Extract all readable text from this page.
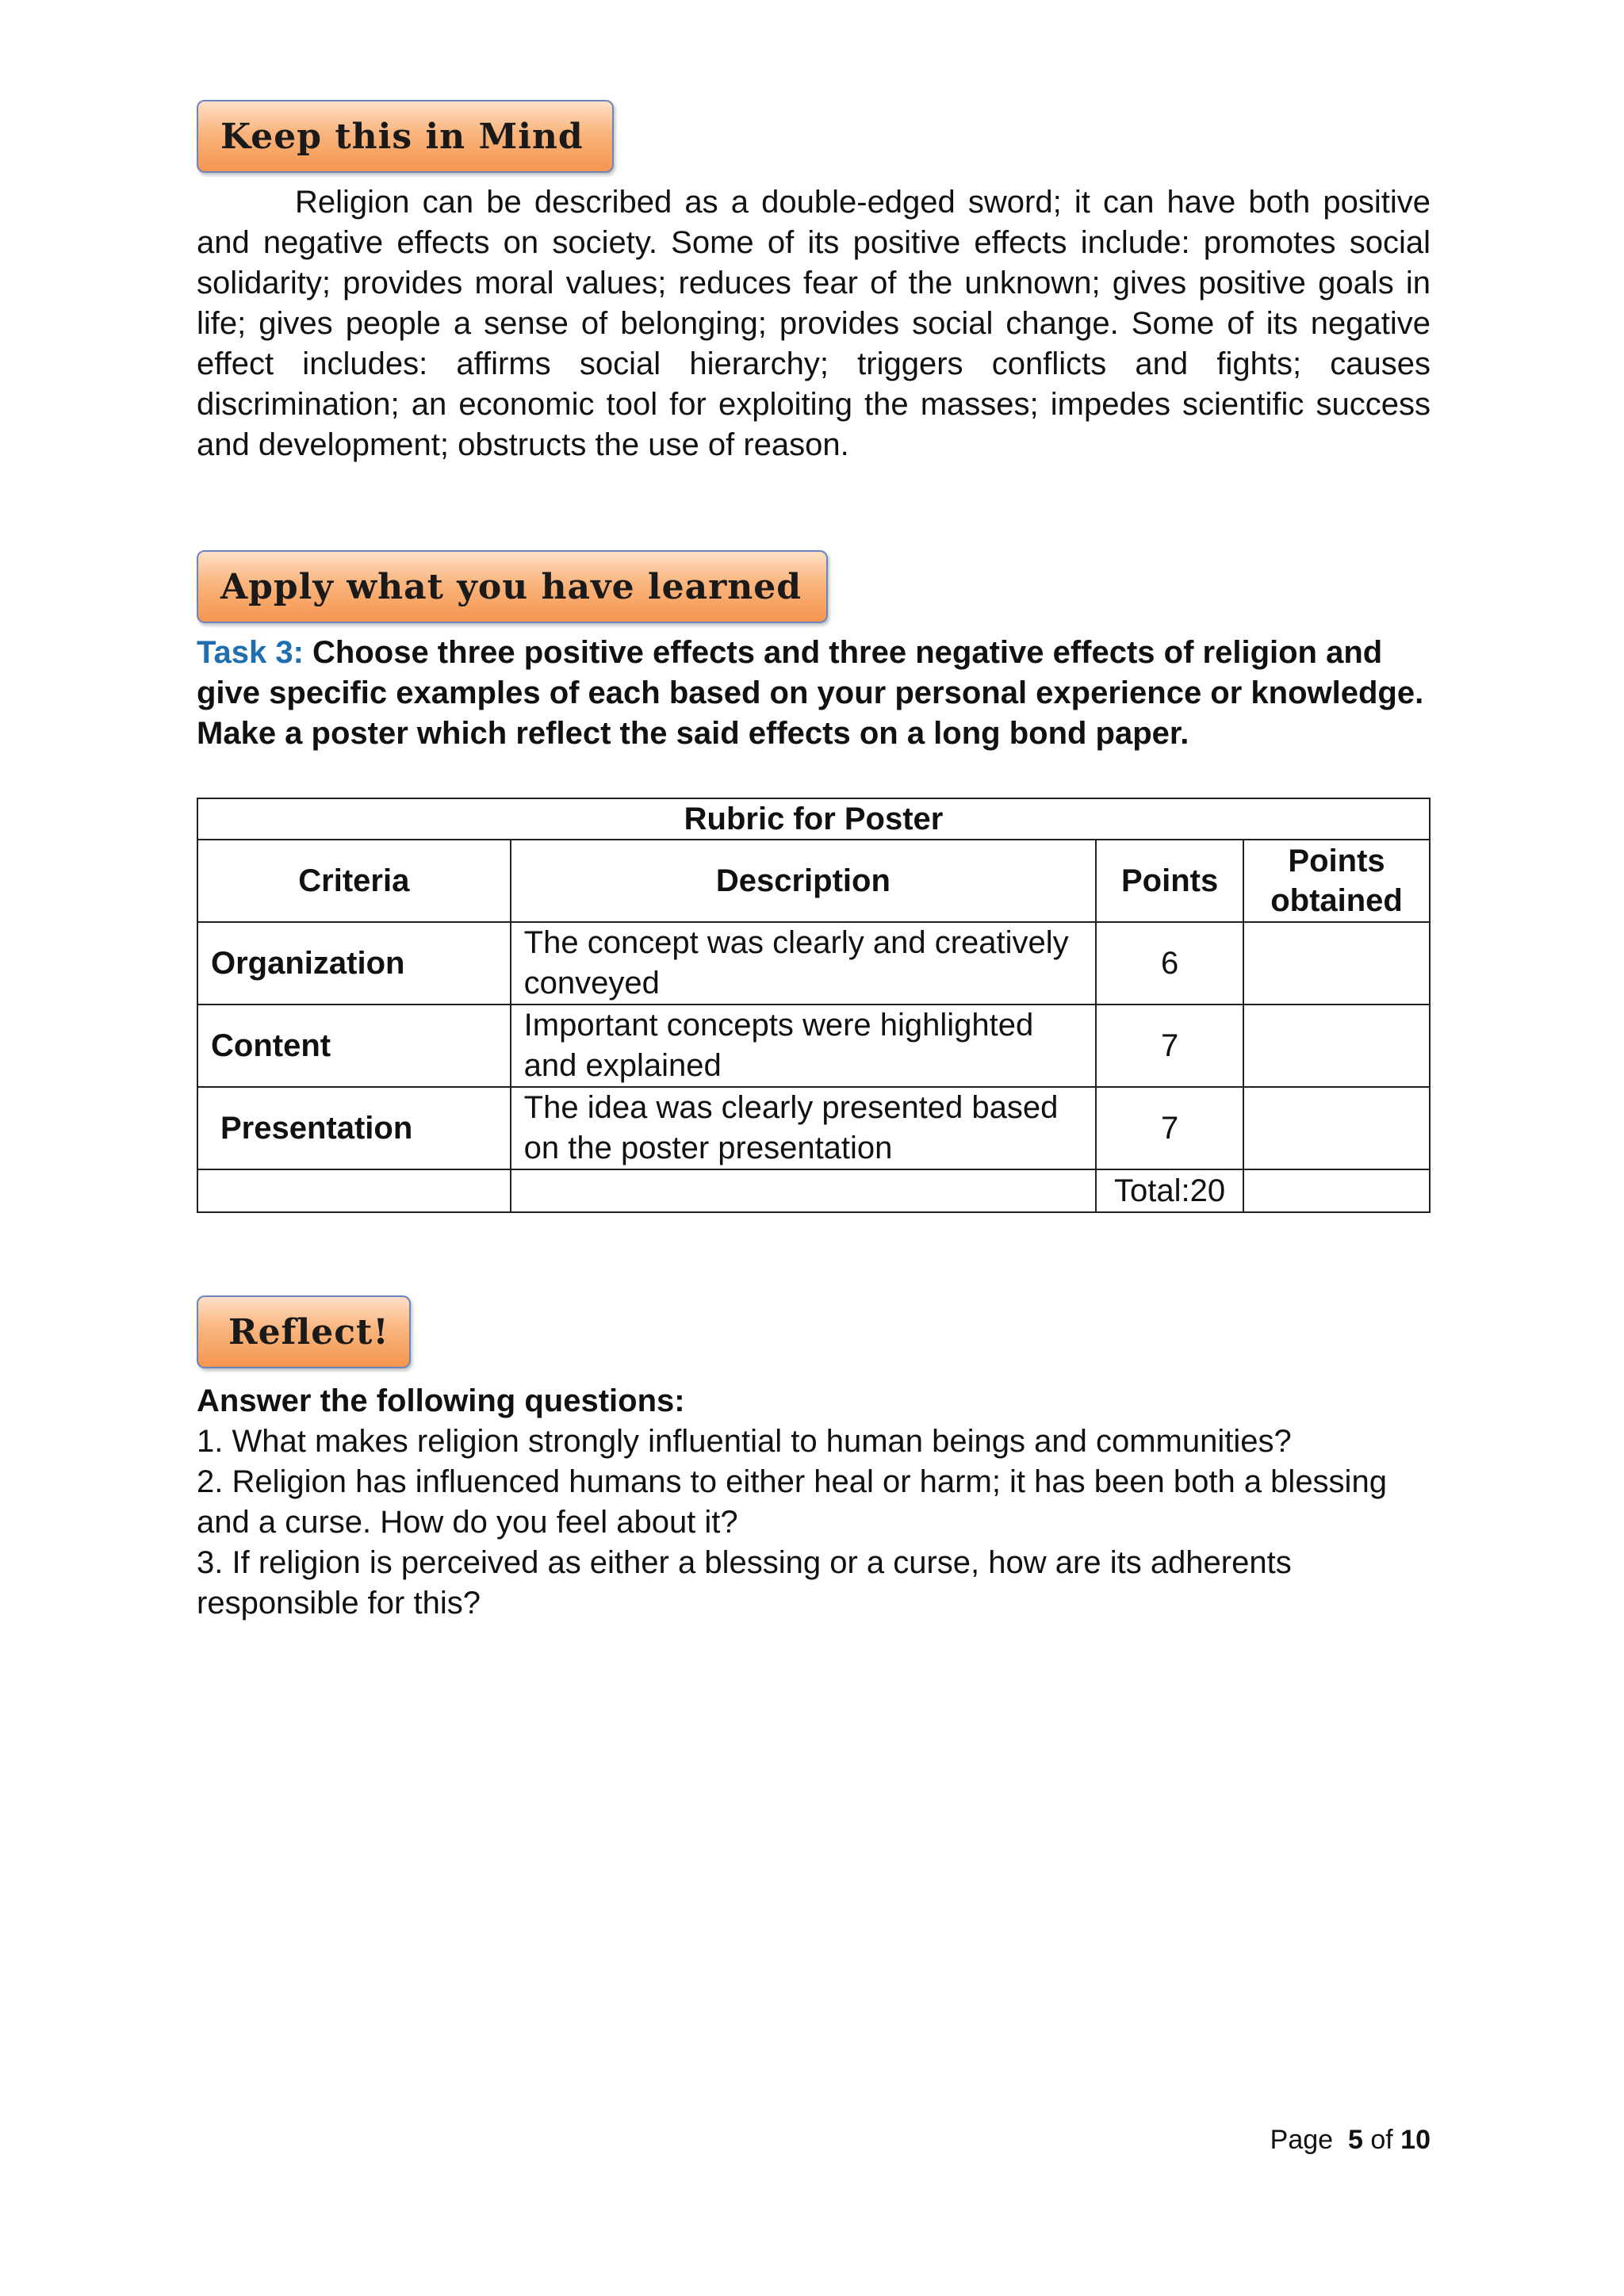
Keep this in Mind

Religion can be described as a double-edged sword; it can have both positive and negative effects on society. Some of its positive effects include: promotes social solidarity; provides moral values; reduces fear of the unknown; gives positive goals in life; gives people a sense of belonging; provides social change. Some of its negative effect includes: affirms social hierarchy; triggers conflicts and fights; causes discrimination; an economic tool for exploiting the masses; impedes scientific success and development; obstructs the use of reason.

Apply what you have learned

Task 3: Choose three positive effects and three negative effects of religion and give specific examples of each based on your personal experience or knowledge. Make a poster which reflect the said effects on a long bond paper.

Rubric for Poster			
Criteria	Description	Points	Points obtained
Organization	The concept was clearly and creatively conveyed	6	
Content	Important concepts were highlighted and explained	7	
Presentation	The idea was clearly presented based on the poster presentation	7	
		Total:20	
Reflect!

Answer the following questions:

1. What makes religion strongly influential to human beings and communities?

2. Religion has influenced humans to either heal or harm; it has been both a blessing and a curse. How do you feel about it?

3. If religion is perceived as either a blessing or a curse, how are its adherents responsible for this?

Page 5 of 10
